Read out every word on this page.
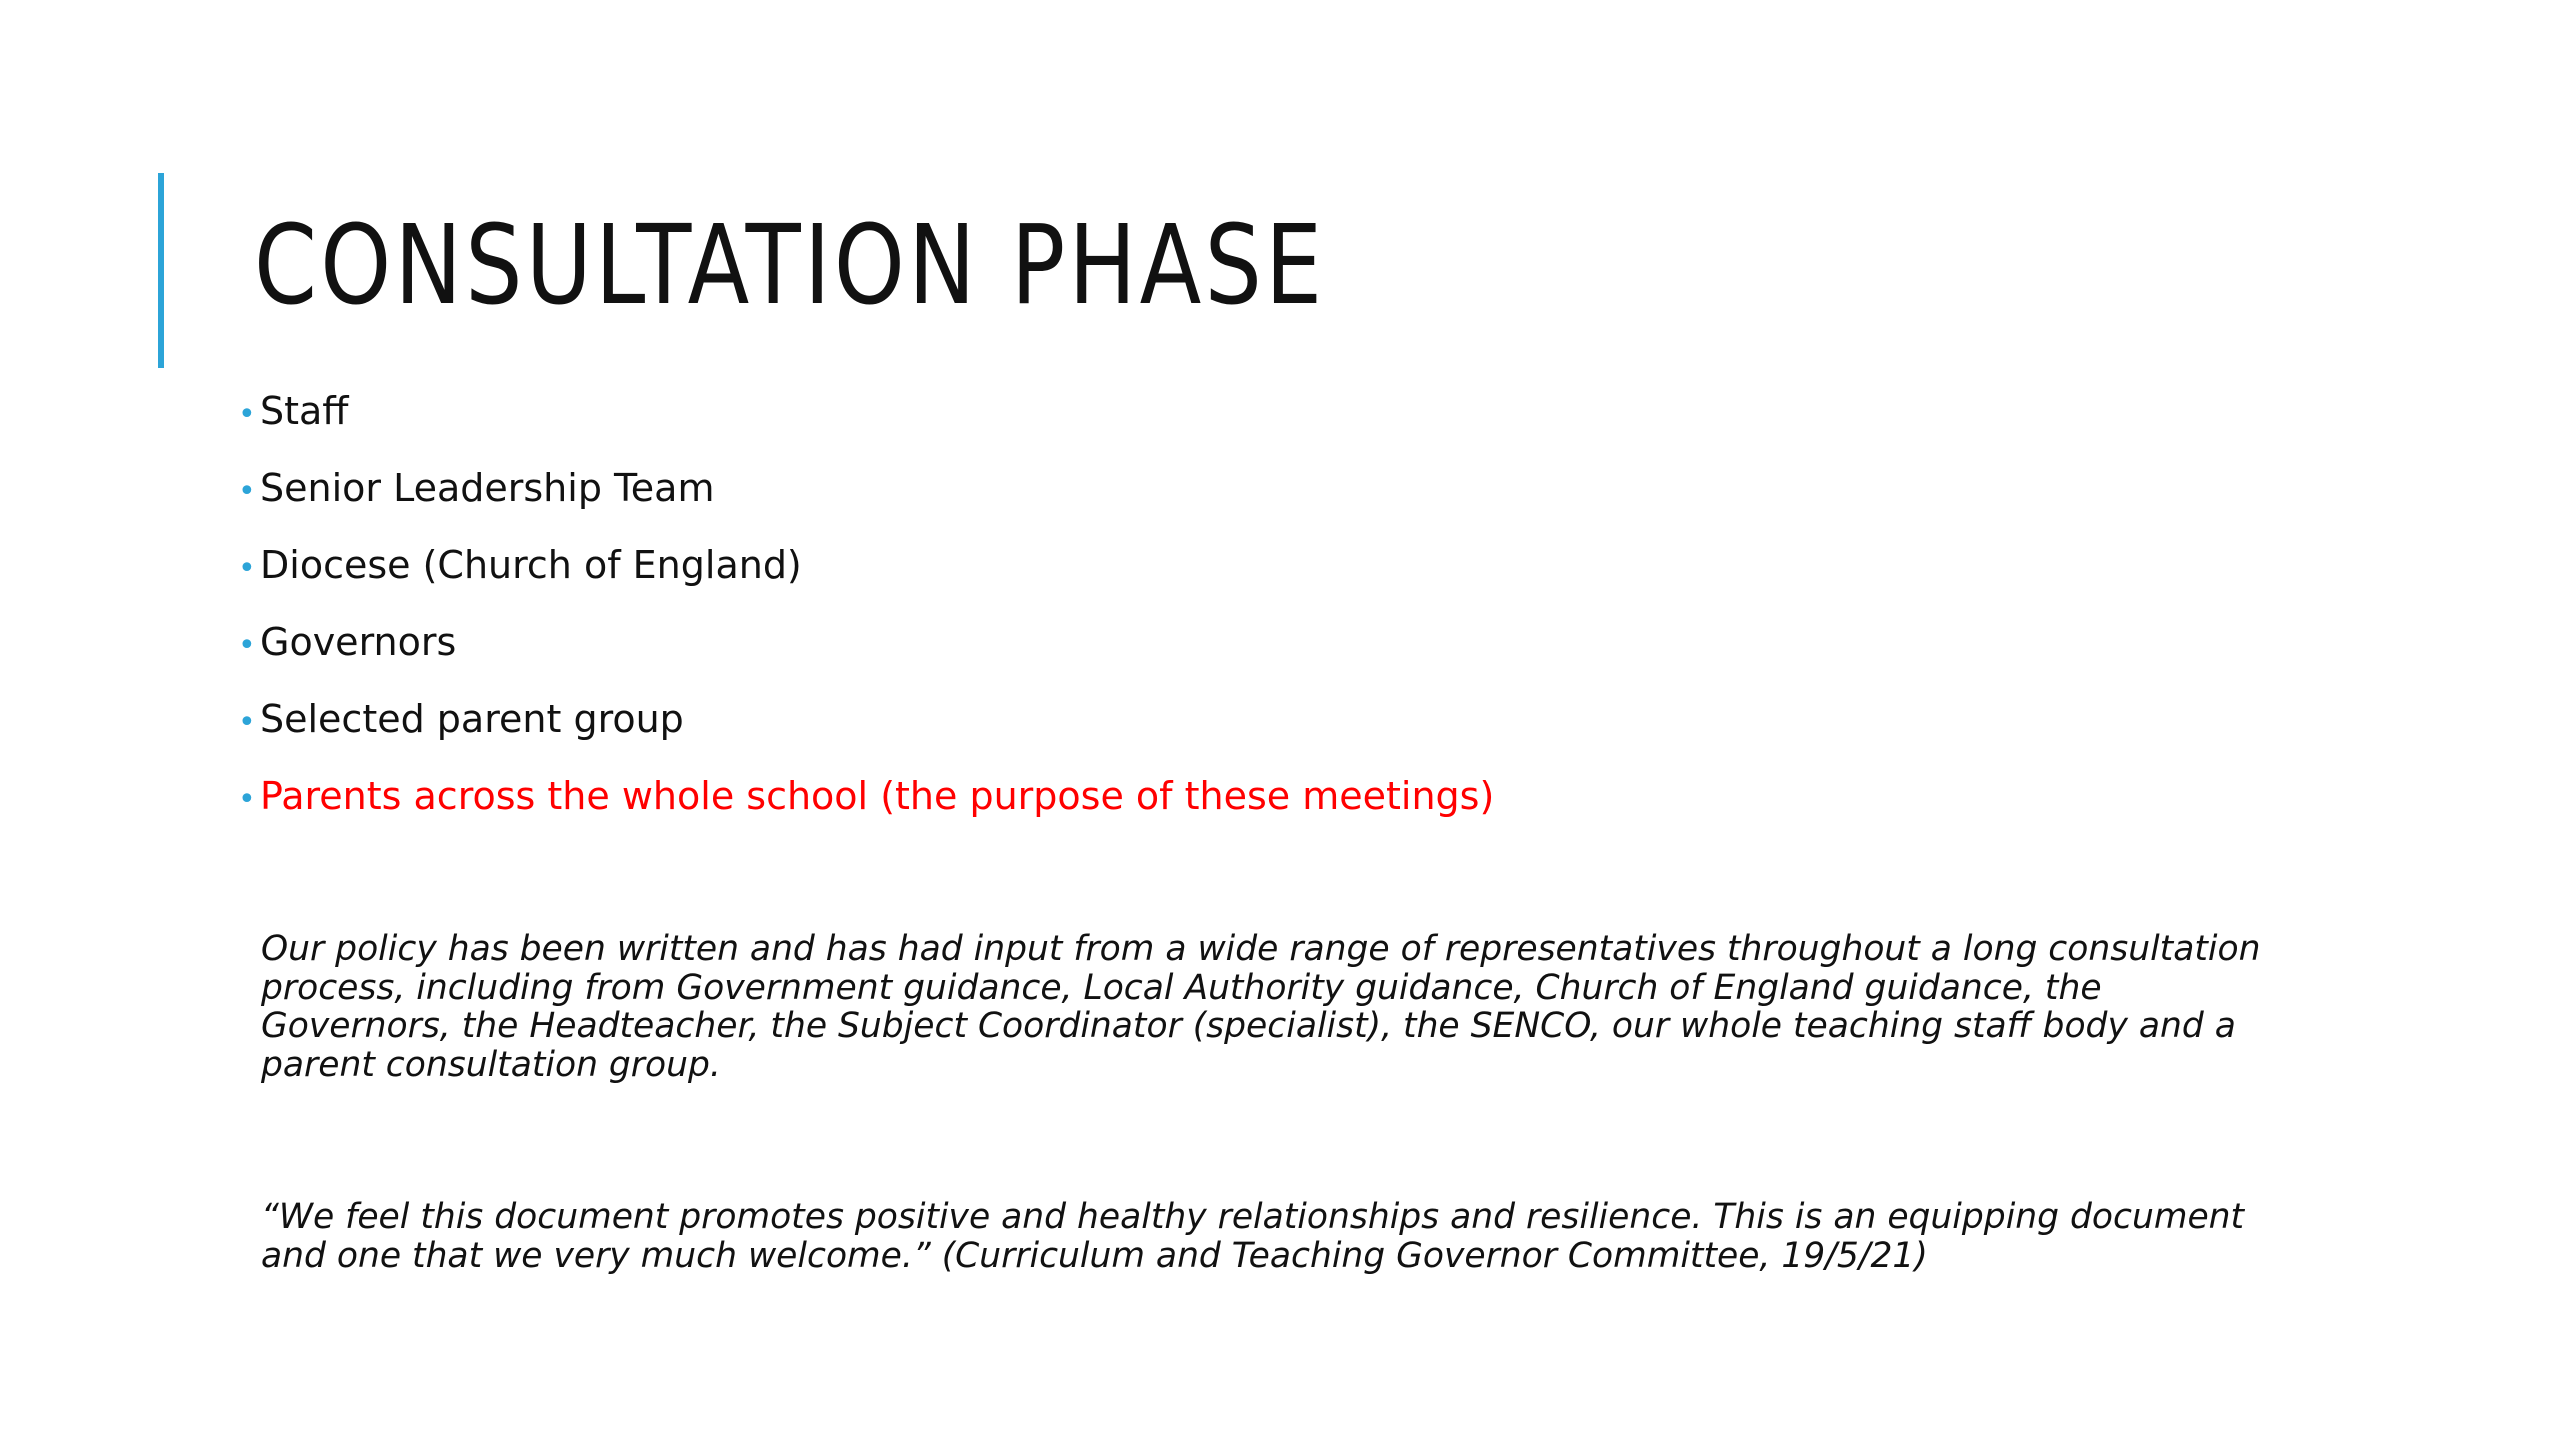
CONSULTATION PHASE
• Staff
• Senior Leadership Team
• Diocese (Church of England)
• Governors
• Selected parent group
• Parents across the whole school (the purpose of these meetings)

Our policy has been written and has had input from a wide range of representatives throughout a long consultation process, including from Government guidance, Local Authority guidance, Church of England guidance, the Governors, the Headteacher, the Subject Coordinator (specialist), the SENCO, our whole teaching staff body and a parent consultation group.

“We feel this document promotes positive and healthy relationships and resilience. This is an equipping document and one that we very much welcome.” (Curriculum and Teaching Governor Committee, 19/5/21)
